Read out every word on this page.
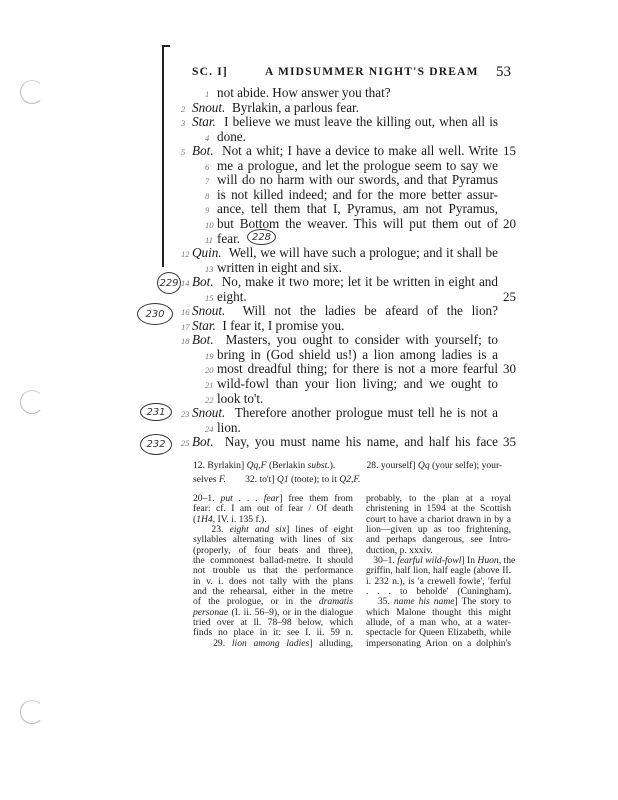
SC. I]	A MIDSUMMER NIGHT'S DREAM 53
1 not abide. How answer you that?
2 Snout. Byrlakin, a parlous fear.
3 Star. I believe we must leave the killing out, when all is
4 done.
5 Bot. Not a whit; I have a device to make all well. Write 15
6 me a prologue, and let the prologue seem to say we
7 will do no harm with our swords, and that Pyramus
8 is not killed indeed; and for the more better assur-
9 ance, tell them that I, Pyramus, am not Pyramus,
10 but Bottom the weaver. This will put them out of 20
11 fear.
12 Quin. Well, we will have such a prologue; and it shall be
13 written in eight and six.
14 Bot. No, make it two more; let it be written in eight and
15 eight.	25
16 Snout. Will not the ladies be afeard of the lion?
17 Star. I fear it, I promise you.
18 Bot. Masters, you ought to consider with yourself; to
19 bring in (God shield us!) a lion among ladies is a
20 most dreadful thing; for there is not a more fearful 30
21 wild-fowl than your lion living; and we ought to
22 look to't.
23 Snout. Therefore another prologue must tell he is not a
24 lion.
25 Bot. Nay, you must name his name, and half his face 35
228
229
230
231
232
12. Byrlakin] Qq,F (Berlakin subst.).             28. yourself] Qq (your selfe); your-
selves F.        32. to't] Q1 (toote); to it Q2,F.
20–1. put . . . fear] free them from
fear: cf. I am out of fear / Of death
(1H4, IV. i. 135 f.).
23. eight and six] lines of eight
syllables alternating with lines of six
(properly, of four beats and three),
the commonest ballad-metre. It should
not trouble us that the performance
in v. i. does not tally with the plans
and the rehearsal, either in the metre
of the prologue, or in the dramatis
personae (I. ii. 56–9), or in the dialogue
tried over at ll. 78–98 below, which
finds no place in it: see I. ii. 59 n.
29. lion among ladies] alluding,
probably, to the plan at a royal
christening in 1594 at the Scottish
court to have a chariot drawn in by a
lion—given up as too frightening,
and perhaps dangerous, see Intro-
duction, p. xxxiv.
30–1. fearful wild-fowl] In Huon, the
griffin, half lion, half eagle (above II.
i. 232 n.), is 'a crewell fowle', 'ferful
. . . to beholde' (Cuningham).
35. name his name] The story to
which Malone thought this might
allude, of a man who, at a water-
spectacle for Queen Elizabeth, while
impersonating Arion on a dolphin's
